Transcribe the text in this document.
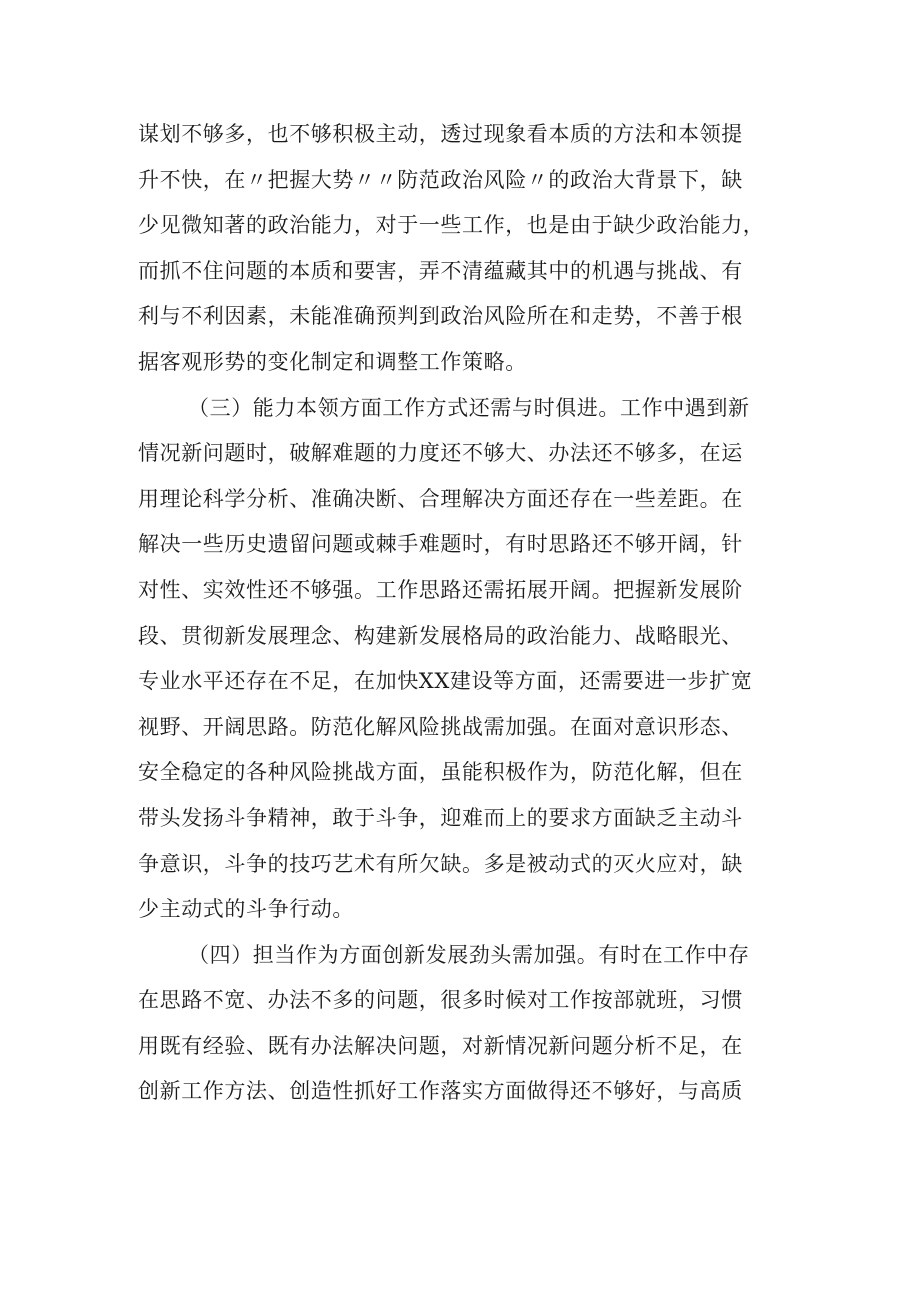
谋划不够多，也不够积极主动，透过现象看本质的方法和本领提
升不快，在〃把握大势〃〃防范政治风险〃的政治大背景下，缺
少见微知著的政治能力，对于一些工作，也是由于缺少政治能力，
而抓不住问题的本质和要害，弄不清蕴藏其中的机遇与挑战、有
利与不利因素，未能准确预判到政治风险所在和走势，不善于根
据客观形势的变化制定和调整工作策略。
（三）能力本领方面工作方式还需与时俱进。工作中遇到新
情况新问题时，破解难题的力度还不够大、办法还不够多，在运
用理论科学分析、准确决断、合理解决方面还存在一些差距。在
解决一些历史遗留问题或棘手难题时，有时思路还不够开阔，针
对性、实效性还不够强。工作思路还需拓展开阔。把握新发展阶
段、贯彻新发展理念、构建新发展格局的政治能力、战略眼光、
专业水平还存在不足，在加快XX建设等方面，还需要进一步扩宽
视野、开阔思路。防范化解风险挑战需加强。在面对意识形态、
安全稳定的各种风险挑战方面，虽能积极作为，防范化解，但在
带头发扬斗争精神，敢于斗争，迎难而上的要求方面缺乏主动斗
争意识，斗争的技巧艺术有所欠缺。多是被动式的灭火应对，缺
少主动式的斗争行动。
（四）担当作为方面创新发展劲头需加强。有时在工作中存
在思路不宽、办法不多的问题，很多时候对工作按部就班，习惯
用既有经验、既有办法解决问题，对新情况新问题分析不足，在
创新工作方法、创造性抓好工作落实方面做得还不够好，与高质
